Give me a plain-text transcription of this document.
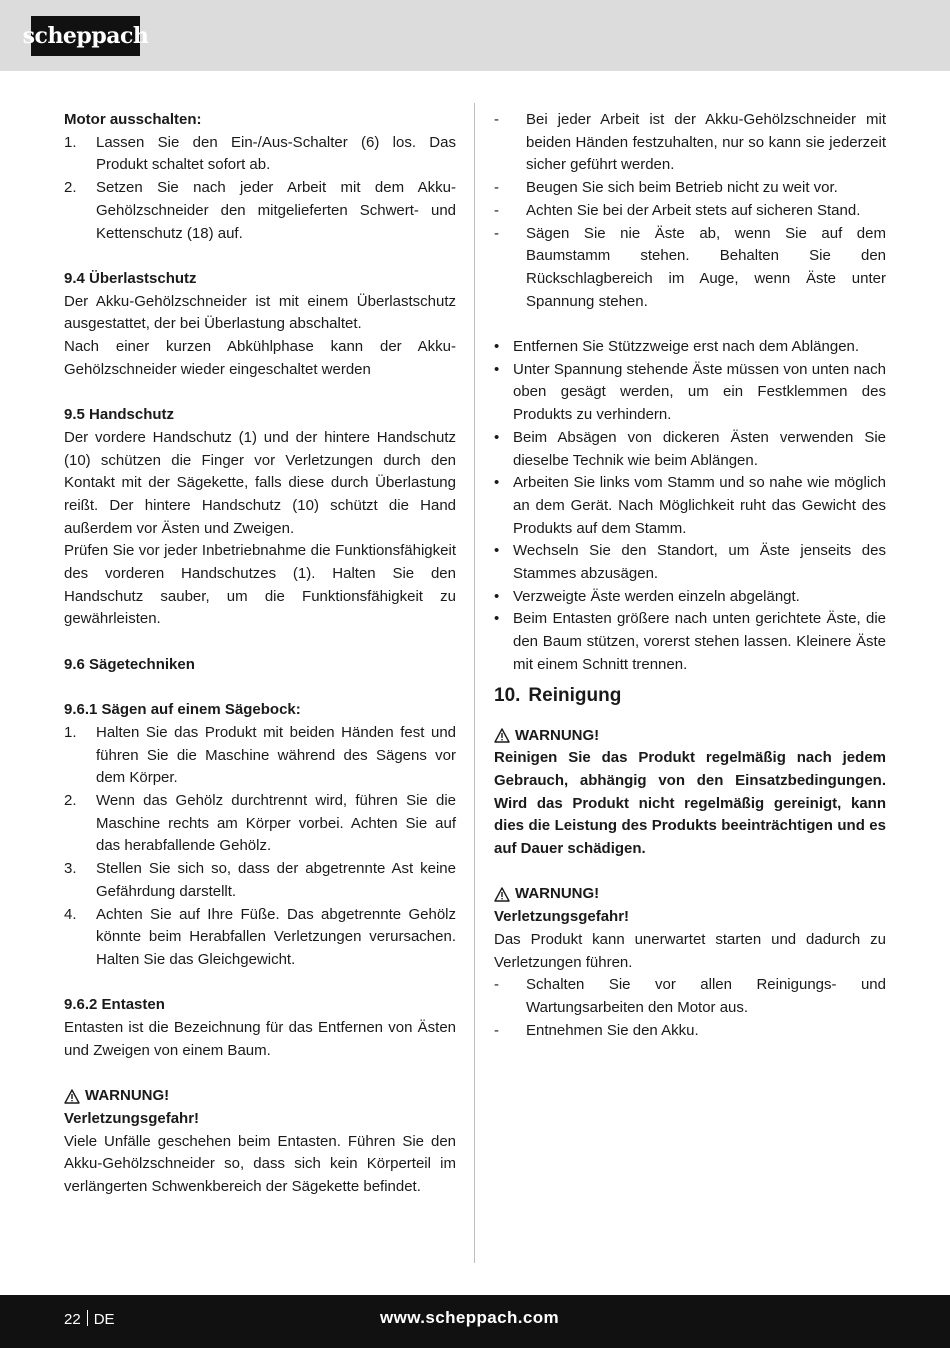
scheppach

Motor ausschalten:

1. Lassen Sie den Ein-/Aus-Schalter (6) los. Das Produkt schaltet sofort ab.
2. Setzen Sie nach jeder Arbeit mit dem Akku-Gehölzschneider den mitgelieferten Schwert- und Kettenschutz (18) auf.

9.4 Überlastschutz

Der Akku-Gehölzschneider ist mit einem Überlastschutz ausgestattet, der bei Überlastung abschaltet.

Nach einer kurzen Abkühlphase kann der Akku-Gehölzschneider wieder eingeschaltet werden

9.5 Handschutz

Der vordere Handschutz (1) und der hintere Handschutz (10) schützen die Finger vor Verletzungen durch den Kontakt mit der Sägekette, falls diese durch Überlastung reißt. Der hintere Handschutz (10) schützt die Hand außerdem vor Ästen und Zweigen.

Prüfen Sie vor jeder Inbetriebnahme die Funktionsfähigkeit des vorderen Handschutzes (1). Halten Sie den Handschutz sauber, um die Funktionsfähigkeit zu gewährleisten.

9.6 Sägetechniken

9.6.1 Sägen auf einem Sägebock:

1. Halten Sie das Produkt mit beiden Händen fest und führen Sie die Maschine während des Sägens vor dem Körper.
2. Wenn das Gehölz durchtrennt wird, führen Sie die Maschine rechts am Körper vorbei. Achten Sie auf das herabfallende Gehölz.
3. Stellen Sie sich so, dass der abgetrennte Ast keine Gefährdung darstellt.
4. Achten Sie auf Ihre Füße. Das abgetrennte Gehölz könnte beim Herabfallen Verletzungen verursachen. Halten Sie das Gleichgewicht.

9.6.2 Entasten

Entasten ist die Bezeichnung für das Entfernen von Ästen und Zweigen von einem Baum.

WARNUNG!

Verletzungsgefahr!

Viele Unfälle geschehen beim Entasten. Führen Sie den Akku-Gehölzschneider so, dass sich kein Körperteil im verlängerten Schwenkbereich der Sägekette befindet.

- Bei jeder Arbeit ist der Akku-Gehölzschneider mit beiden Händen festzuhalten, nur so kann sie jederzeit sicher geführt werden.
- Beugen Sie sich beim Betrieb nicht zu weit vor.
- Achten Sie bei der Arbeit stets auf sicheren Stand.
- Sägen Sie nie Äste ab, wenn Sie auf dem Baumstamm stehen. Behalten Sie den Rückschlagbereich im Auge, wenn Äste unter Spannung stehen.
• Entfernen Sie Stützzweige erst nach dem Ablängen.
• Unter Spannung stehende Äste müssen von unten nach oben gesägt werden, um ein Festklemmen des Produkts zu verhindern.
• Beim Absägen von dickeren Ästen verwenden Sie dieselbe Technik wie beim Ablängen.
• Arbeiten Sie links vom Stamm und so nahe wie möglich an dem Gerät. Nach Möglichkeit ruht das Gewicht des Produkts auf dem Stamm.
• Wechseln Sie den Standort, um Äste jenseits des Stammes abzusägen.
• Verzweigte Äste werden einzeln abgelängt.
• Beim Entasten größere nach unten gerichtete Äste, die den Baum stützen, vorerst stehen lassen. Kleinere Äste mit einem Schnitt trennen.
10. Reinigung
WARNUNG!

Reinigen Sie das Produkt regelmäßig nach jedem Gebrauch, abhängig von den Einsatzbedingungen. Wird das Produkt nicht regelmäßig gereinigt, kann dies die Leistung des Produkts beeinträchtigen und es auf Dauer schädigen.

WARNUNG!

Verletzungsgefahr!

Das Produkt kann unerwartet starten und dadurch zu Verletzungen führen.

- Schalten Sie vor allen Reinigungs- und Wartungsarbeiten den Motor aus.
- Entnehmen Sie den Akku.
22 DE	www.scheppach.com
